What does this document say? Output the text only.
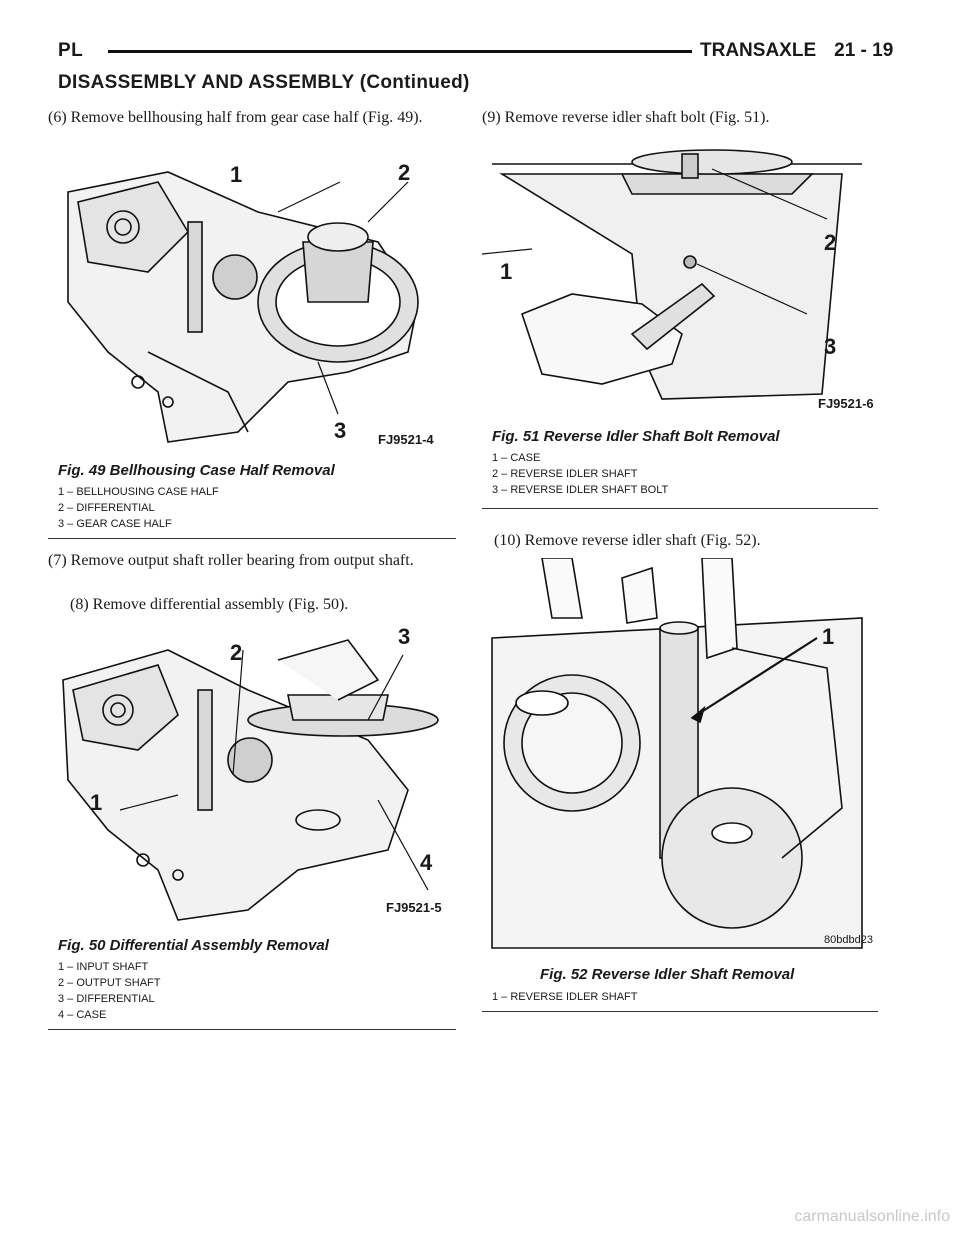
PL	TRANSAXLE 21 - 19
DISASSEMBLY AND ASSEMBLY (Continued)
(6) Remove bellhousing half from gear case half (Fig. 49).
1	2
3 FJ9521-4
Fig. 49 Bellhousing Case Half Removal
1 – BELLHOUSING CASE HALF
2 – DIFFERENTIAL
3 – GEAR CASE HALF
(7) Remove output shaft roller bearing from output shaft.
(8) Remove differential assembly (Fig. 50).
2
3
1
4
FJ9521-5
Fig. 50 Differential Assembly Removal
1 – INPUT SHAFT
2 – OUTPUT SHAFT
3 – DIFFERENTIAL
4 – CASE
(9) Remove reverse idler shaft bolt (Fig. 51).
1
2
3
FJ9521-6
Fig. 51 Reverse Idler Shaft Bolt Removal
1 – CASE
2 – REVERSE IDLER SHAFT
3 – REVERSE IDLER SHAFT BOLT
(10) Remove reverse idler shaft (Fig. 52).
1
80bdbd23
Fig. 52 Reverse Idler Shaft Removal
1 – REVERSE IDLER SHAFT
carmanualsonline.info
